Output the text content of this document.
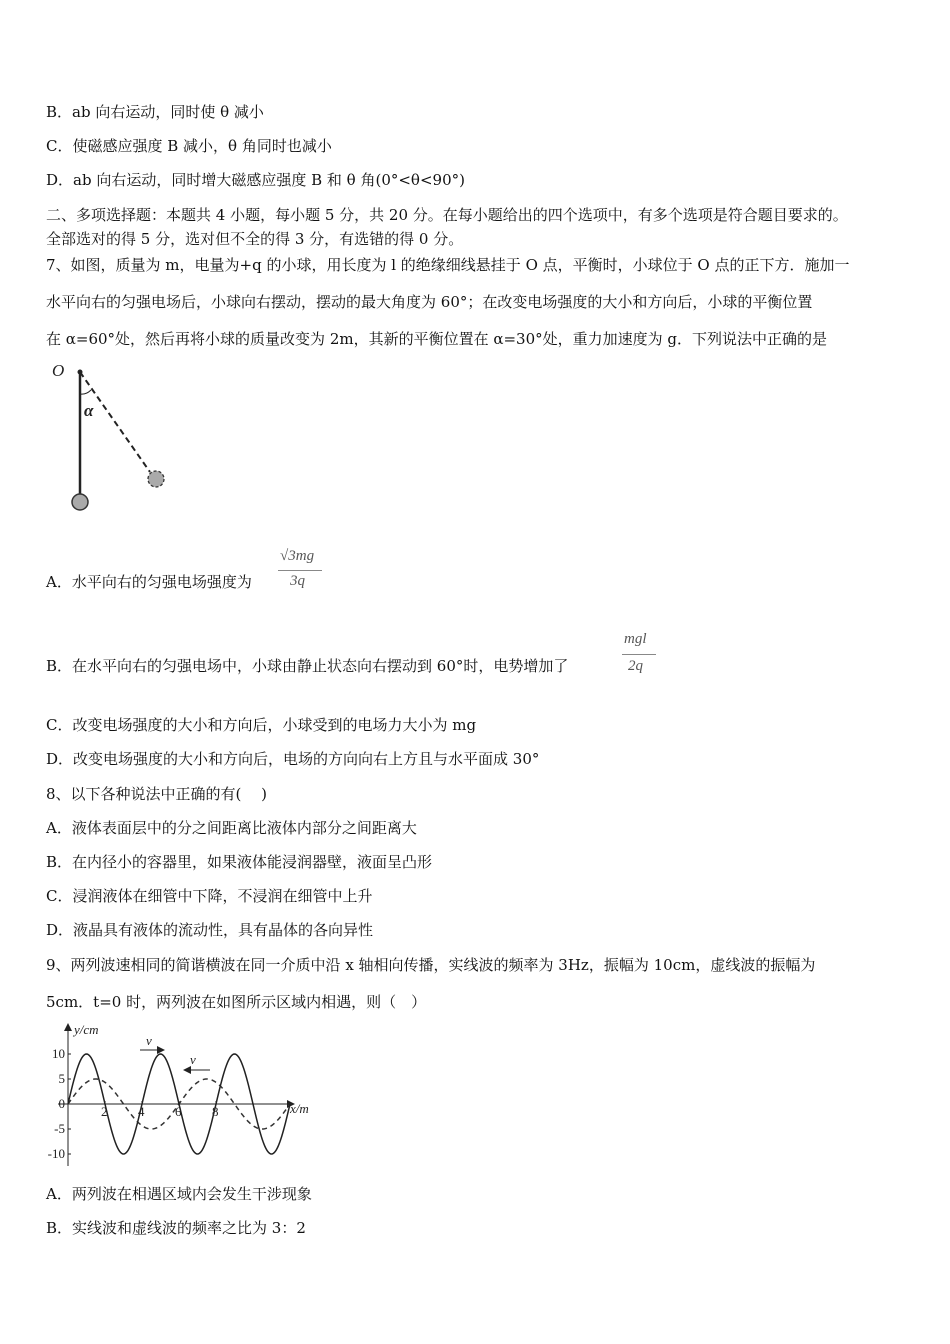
B．ab 向右运动，同时使 θ 减小
C．使磁感应强度 B 减小，θ 角同时也减小
D．ab 向右运动，同时增大磁感应强度 B 和 θ 角(0°<θ<90°)
二、多项选择题：本题共 4 小题，每小题 5 分，共 20 分。在每小题给出的四个选项中，有多个选项是符合题目要求的。
全部选对的得 5 分，选对但不全的得 3 分，有选错的得 0 分。
7、如图，质量为 m，电量为+q 的小球，用长度为 l 的绝缘细线悬挂于 O 点，平衡时，小球位于 O 点的正下方．施加一
水平向右的匀强电场后，小球向右摆动，摆动的最大角度为 60°；在改变电场强度的大小和方向后，小球的平衡位置
在 α=60°处，然后再将小球的质量改变为 2m，其新的平衡位置在 α=30°处，重力加速度为 g．下列说法中正确的是
O
α
A．水平向右的匀强电场强度为
√3mg
3q
B．在水平向右的匀强电场中，小球由静止状态向右摆动到 60°时，电势增加了
mgl
2q
C．改变电场强度的大小和方向后，小球受到的电场力大小为 mg
D．改变电场强度的大小和方向后，电场的方向向右上方且与水平面成 30°
8、以下各种说法中正确的有(　 )
A．液体表面层中的分之间距离比液体内部分之间距离大
B．在内径小的容器里，如果液体能浸润器壁，液面呈凸形
C．浸润液体在细管中下降，不浸润在细管中上升
D．液晶具有液体的流动性，具有晶体的各向异性
9、两列波速相同的简谐横波在同一介质中沿 x 轴相向传播，实线波的频率为 3Hz，振幅为 10cm，虚线波的振幅为
5cm．t=0 时，两列波在如图所示区域内相遇，则（　）
y/cm
x/m
2 4 6 8
10
5
0
-5
-10
v
v
A．两列波在相遇区域内会发生干涉现象
B．实线波和虚线波的频率之比为 3：2
